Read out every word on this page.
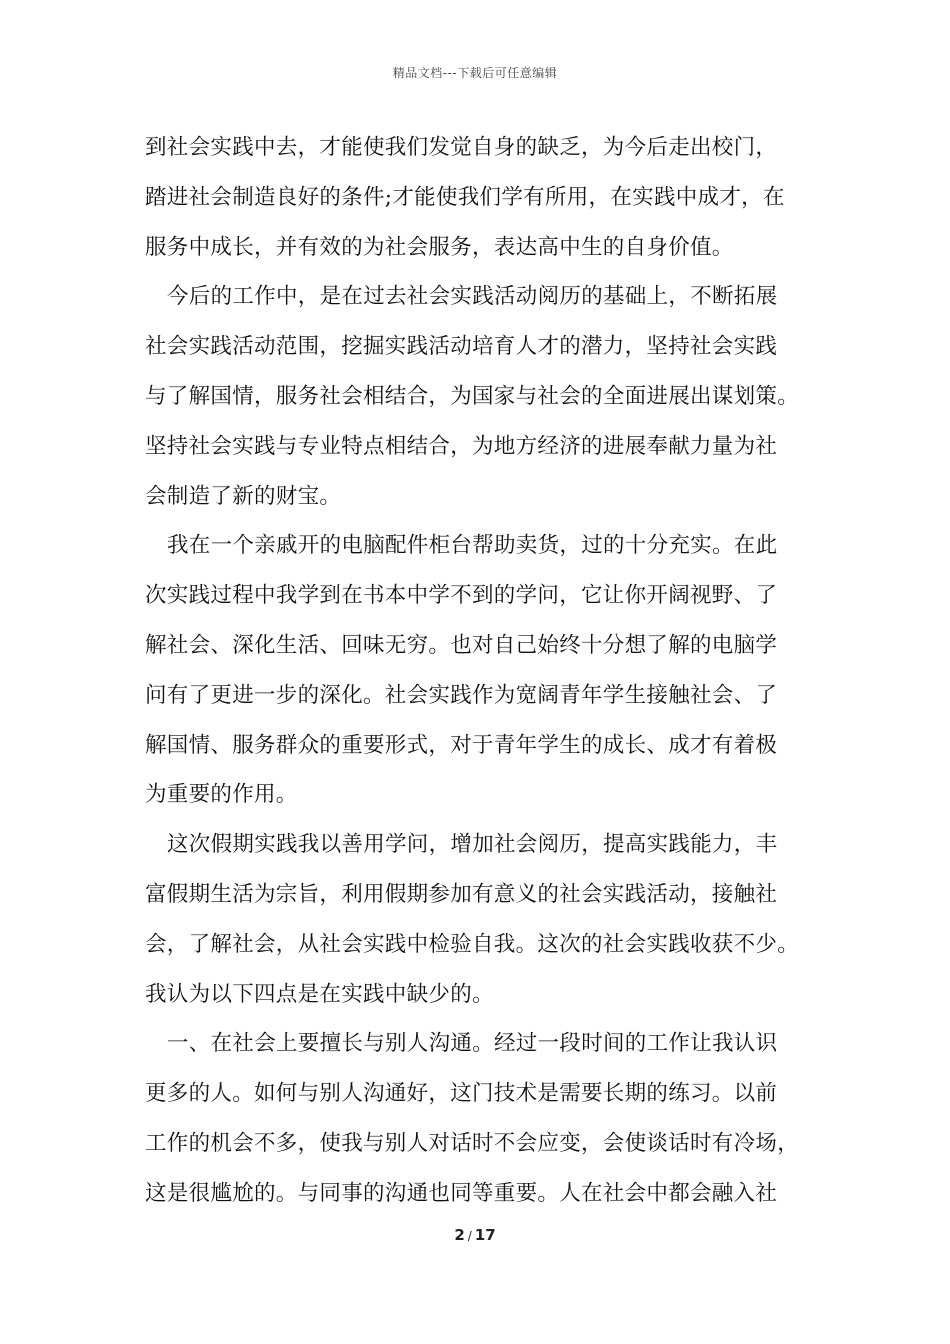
精品文档---下载后可任意编辑
到社会实践中去，才能使我们发觉自身的缺乏，为今后走出校门，
踏进社会制造良好的条件;才能使我们学有所用，在实践中成才，在
服务中成长，并有效的为社会服务，表达高中生的自身价值。
今后的工作中，是在过去社会实践活动阅历的基础上，不断拓展
社会实践活动范围，挖掘实践活动培育人才的潜力，坚持社会实践
与了解国情，服务社会相结合，为国家与社会的全面进展出谋划策。
坚持社会实践与专业特点相结合，为地方经济的进展奉献力量为社
会制造了新的财宝。
我在一个亲戚开的电脑配件柜台帮助卖货，过的十分充实。在此
次实践过程中我学到在书本中学不到的学问，它让你开阔视野、了
解社会、深化生活、回味无穷。也对自己始终十分想了解的电脑学
问有了更进一步的深化。社会实践作为宽阔青年学生接触社会、了
解国情、服务群众的重要形式，对于青年学生的成长、成才有着极
为重要的作用。
这次假期实践我以善用学问，增加社会阅历，提高实践能力，丰
富假期生活为宗旨，利用假期参加有意义的社会实践活动，接触社
会，了解社会，从社会实践中检验自我。这次的社会实践收获不少。
我认为以下四点是在实践中缺少的。
一、在社会上要擅长与别人沟通。经过一段时间的工作让我认识
更多的人。如何与别人沟通好，这门技术是需要长期的练习。以前
工作的机会不多，使我与别人对话时不会应变，会使谈话时有冷场，
这是很尴尬的。与同事的沟通也同等重要。人在社会中都会融入社
2 / 17
